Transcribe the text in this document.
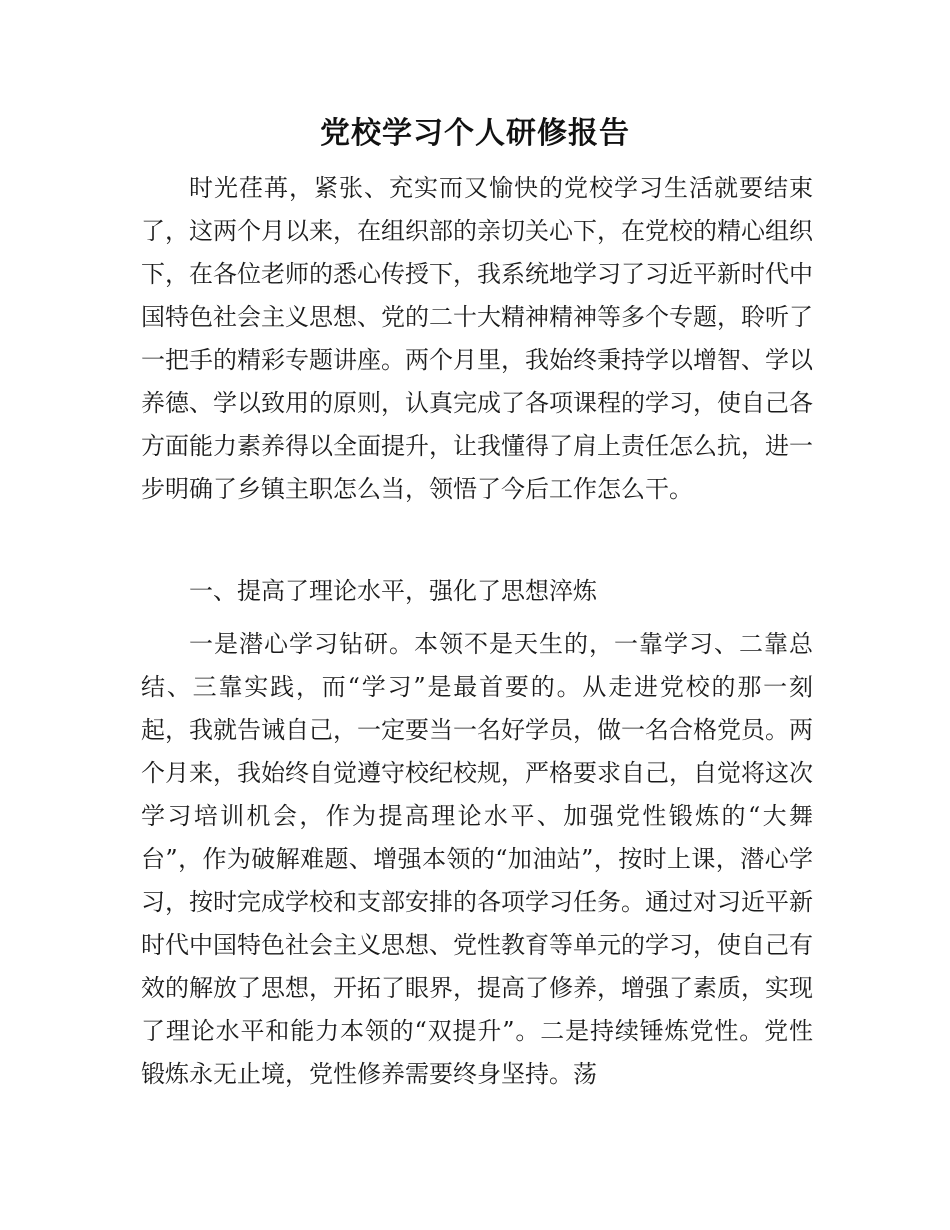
党校学习个人研修报告

时光荏苒，紧张、充实而又愉快的党校学习生活就要结束了，这两个月以来，在组织部的亲切关心下，在党校的精心组织下，在各位老师的悉心传授下，我系统地学习了习近平新时代中国特色社会主义思想、党的二十大精神精神等多个专题，聆听了一把手的精彩专题讲座。两个月里，我始终秉持学以增智、学以养德、学以致用的原则，认真完成了各项课程的学习，使自己各方面能力素养得以全面提升，让我懂得了肩上责任怎么抗，进一步明确了乡镇主职怎么当，领悟了今后工作怎么干。

一、提高了理论水平，强化了思想淬炼

一是潜心学习钻研。本领不是天生的，一靠学习、二靠总结、三靠实践，而“学习”是最首要的。从走进党校的那一刻起，我就告诫自己，一定要当一名好学员，做一名合格党员。两个月来，我始终自觉遵守校纪校规，严格要求自己，自觉将这次学习培训机会，作为提高理论水平、加强党性锻炼的“大舞台”，作为破解难题、增强本领的“加油站”，按时上课，潜心学习，按时完成学校和支部安排的各项学习任务。通过对习近平新时代中国特色社会主义思想、党性教育等单元的学习，使自己有效的解放了思想，开拓了眼界，提高了修养，增强了素质，实现了理论水平和能力本领的“双提升”。二是持续锤炼党性。党性锻炼永无止境，党性修养需要终身坚持。荡
